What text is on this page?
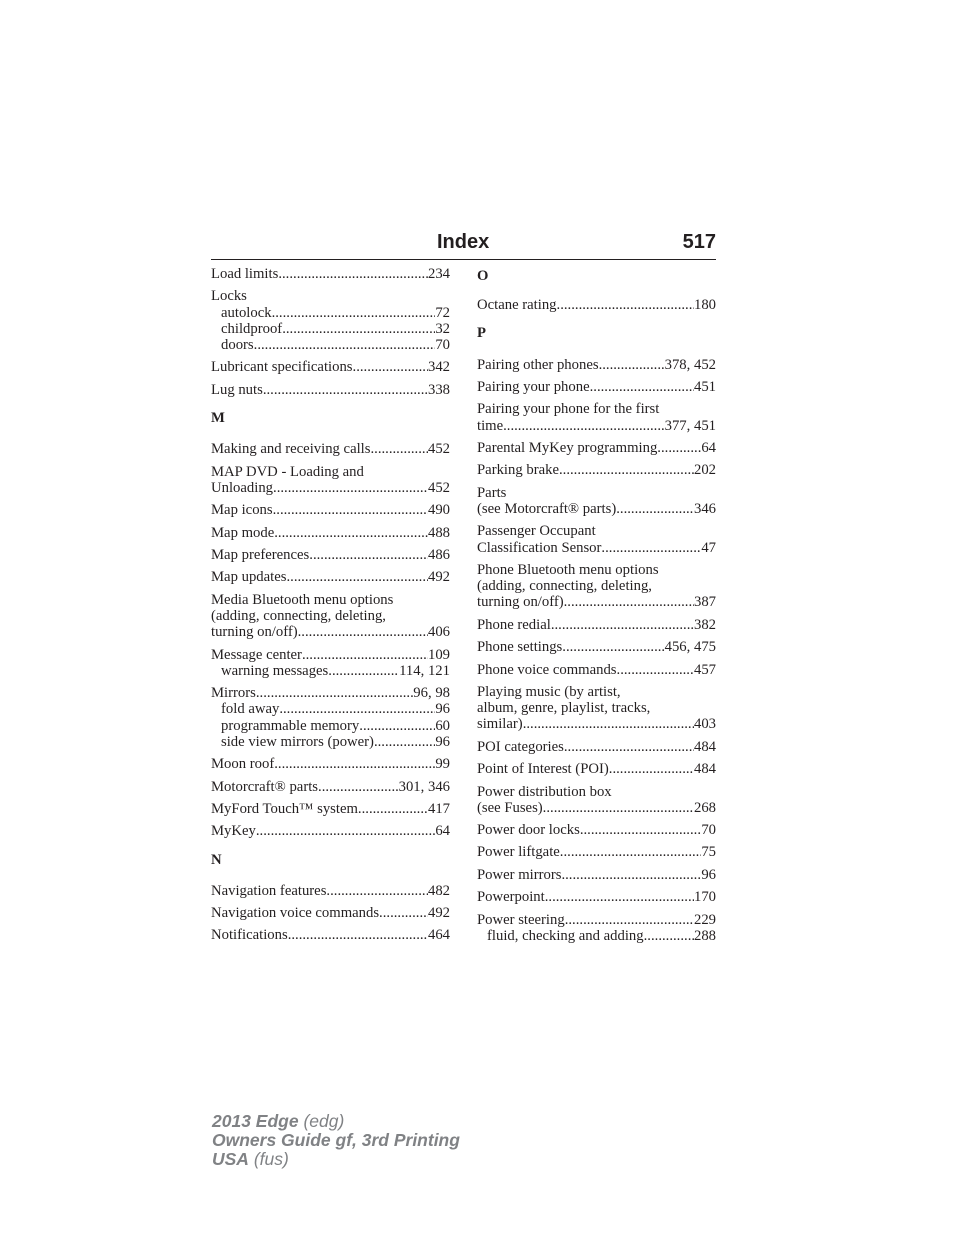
Index	517
Load limits .....	234
Locks
autolock .....	72
childproof .....	32
doors .....	70
Lubricant specifications .....	342
Lug nuts .....	338
M
Making and receiving calls .....	452
MAP DVD - Loading and
Unloading .....	452
Map icons .....	490
Map mode .....	488
Map preferences .....	486
Map updates .....	492
Media Bluetooth menu options
(adding, connecting, deleting,
turning on/off) .....	406
Message center .....	109
warning messages .....	114, 121
Mirrors .....	96, 98
fold away .....	96
programmable memory .....	60
side view mirrors (power) .....	96
Moon roof .....	99
Motorcraft® parts .....	301, 346
MyFord Touch™ system .....	417
MyKey .....	64
N
Navigation features .....	482
Navigation voice commands .....	492
Notifications .....	464
O
Octane rating .....	180
P
Pairing other phones .....	378, 452
Pairing your phone .....	451
Pairing your phone for the first
time .....	377, 451
Parental MyKey programming .....	64
Parking brake .....	202
Parts
(see Motorcraft® parts) .....	346
Passenger Occupant
Classification Sensor .....	47
Phone Bluetooth menu options
(adding, connecting, deleting,
turning on/off) .....	387
Phone redial .....	382
Phone settings .....	456, 475
Phone voice commands .....	457
Playing music (by artist,
album, genre, playlist, tracks,
similar) .....	403
POI categories .....	484
Point of Interest (POI) .....	484
Power distribution box
(see Fuses) .....	268
Power door locks .....	70
Power liftgate .....	75
Power mirrors .....	96
Powerpoint .....	170
Power steering .....	229
fluid, checking and adding .....	288
2013 Edge (edg)
Owners Guide gf, 3rd Printing
USA (fus)
